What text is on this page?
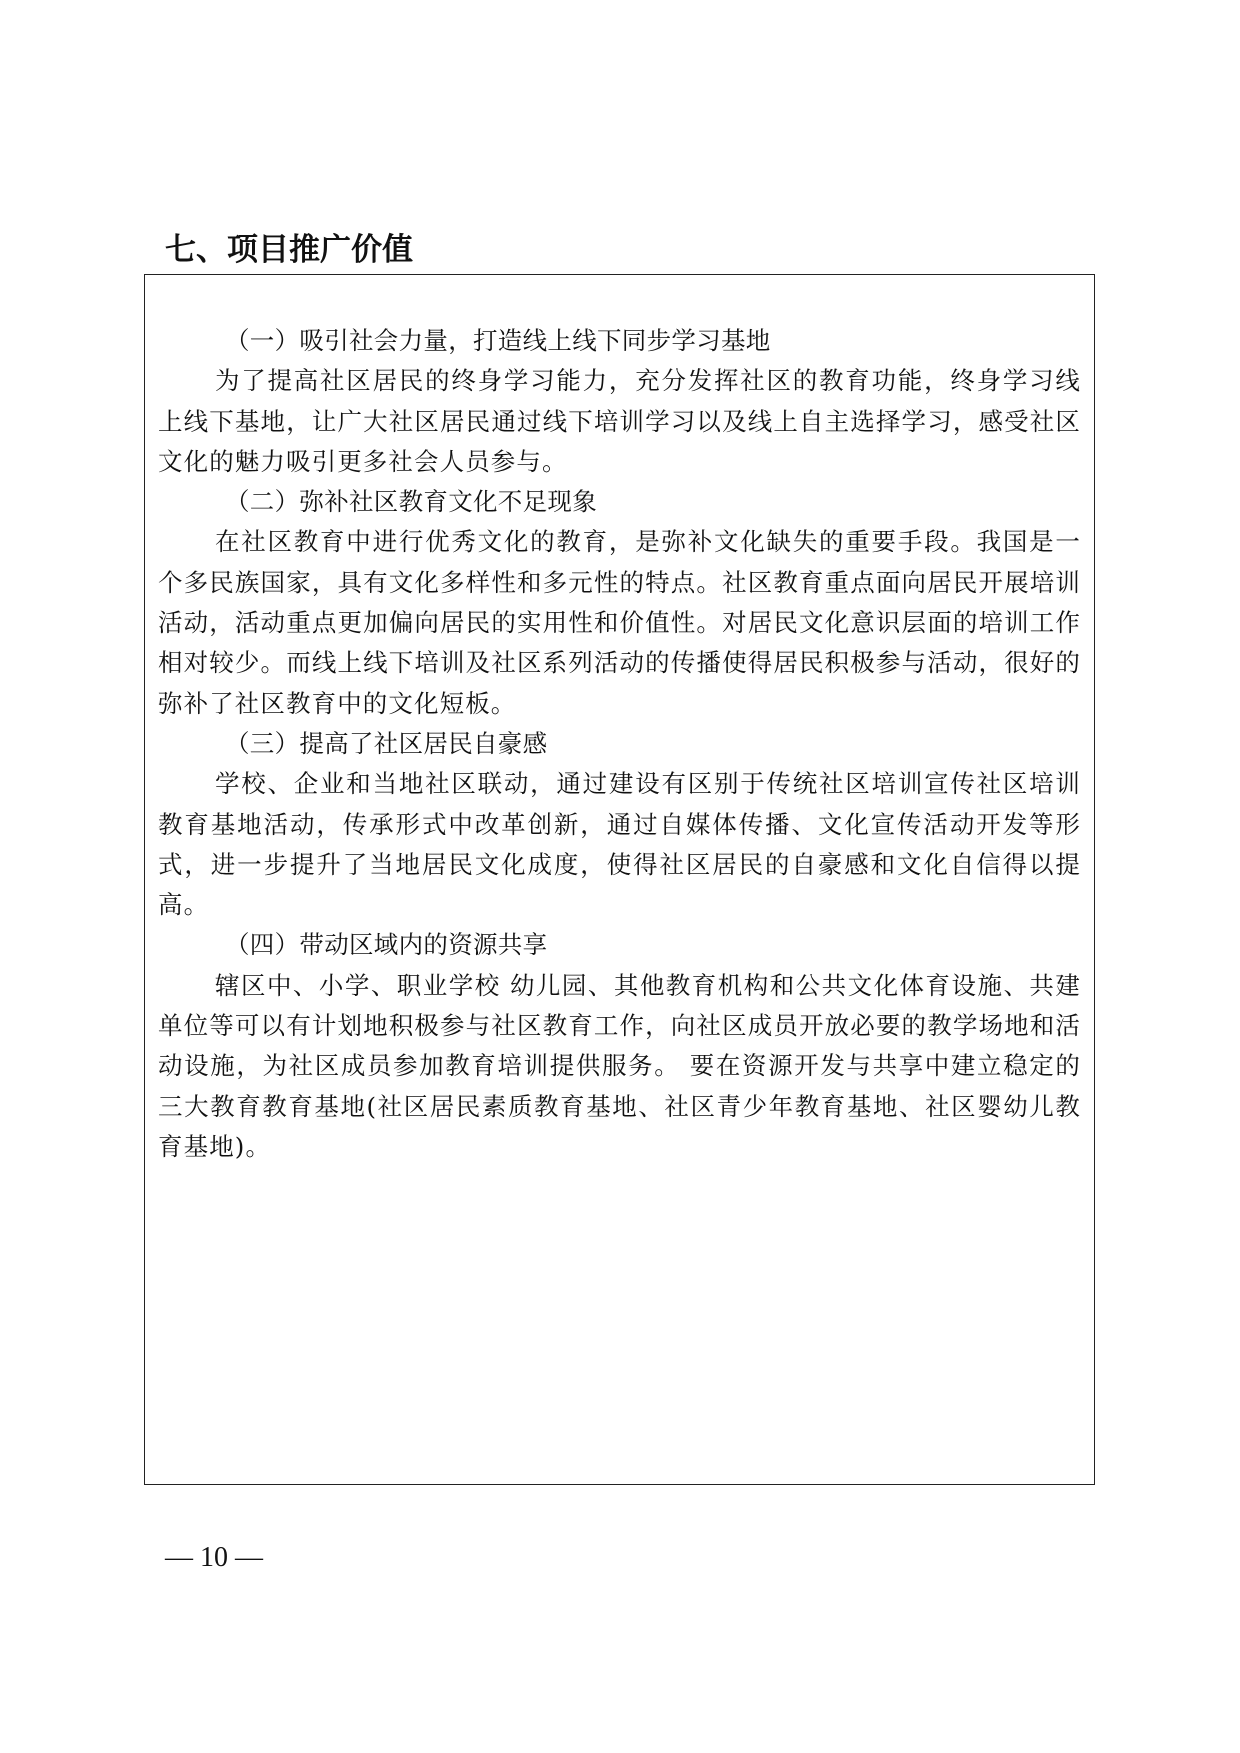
七、项目推广价值

（一）吸引社会力量，打造线上线下同步学习基地

为了提高社区居民的终身学习能力，充分发挥社区的教育功能，终身学习线上线下基地，让广大社区居民通过线下培训学习以及线上自主选择学习，感受社区文化的魅力吸引更多社会人员参与。

（二）弥补社区教育文化不足现象

在社区教育中进行优秀文化的教育，是弥补文化缺失的重要手段。我国是一个多民族国家，具有文化多样性和多元性的特点。社区教育重点面向居民开展培训活动，活动重点更加偏向居民的实用性和价值性。对居民文化意识层面的培训工作相对较少。而线上线下培训及社区系列活动的传播使得居民积极参与活动，很好的弥补了社区教育中的文化短板。

（三）提高了社区居民自豪感

学校、企业和当地社区联动，通过建设有区别于传统社区培训宣传社区培训教育基地活动，传承形式中改革创新，通过自媒体传播、文化宣传活动开发等形式，进一步提升了当地居民文化成度，使得社区居民的自豪感和文化自信得以提高。

（四）带动区域内的资源共享

辖区中、小学、职业学校 幼儿园、其他教育机构和公共文化体育设施、共建单位等可以有计划地积极参与社区教育工作，向社区成员开放必要的教学场地和活动设施，为社区成员参加教育培训提供服务。 要在资源开发与共享中建立稳定的三大教育教育基地(社区居民素质教育基地、社区青少年教育基地、社区婴幼儿教育基地)。

— 10 —
